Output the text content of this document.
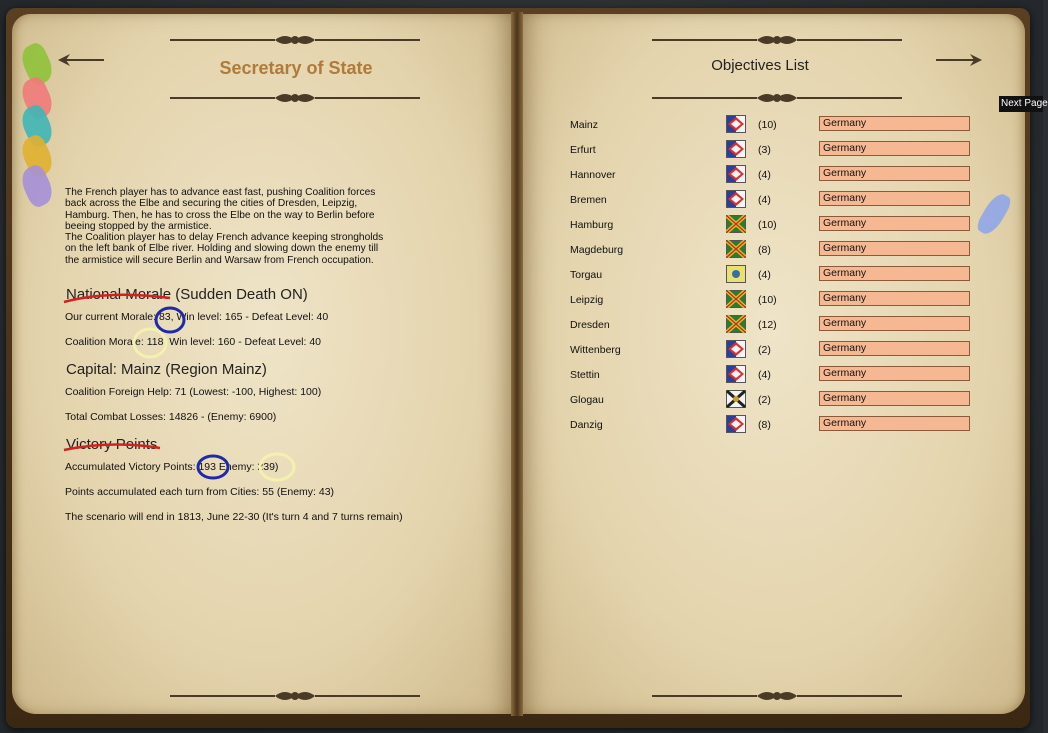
Secretary of State
The French player has to advance east fast, pushing Coalition forces back across the Elbe and securing the cities of Dresden, Leipzig, Hamburg. Then, he has to cross the Elbe on the way to Berlin before beeing stopped by the armistice.
The Coalition player has to delay French advance keeping strongholds on the left bank of Elbe river. Holding and slowing down the enemy till the armistice will secure Berlin and Warsaw from French occupation.
National Morale (Sudden Death ON)
Our current Morale: 83, Win level: 165 - Defeat Level: 40
Coalition Morale: 118, Win level: 160 - Defeat Level: 40
Capital: Mainz (Region Mainz)
Coalition Foreign Help: 71 (Lowest: -100, Highest: 100)
Total Combat Losses: 14826 - (Enemy: 6900)
Victory Points
Accumulated Victory Points: 193 Enemy: 239)
Points accumulated each turn from Cities: 55 (Enemy: 43)
The scenario will end in 1813, June 22-30 (It's turn 4 and 7 turns remain)
Objectives List
Next Page
Mainz	(10)	Germany
Erfurt	(3)	Germany
Hannover	(4)	Germany
Bremen	(4)	Germany
Hamburg	(10)	Germany
Magdeburg	(8)	Germany
Torgau	(4)	Germany
Leipzig	(10)	Germany
Dresden	(12)	Germany
Wittenberg	(2)	Germany
Stettin	(4)	Germany
Glogau	(2)	Germany
Danzig	(8)	Germany
